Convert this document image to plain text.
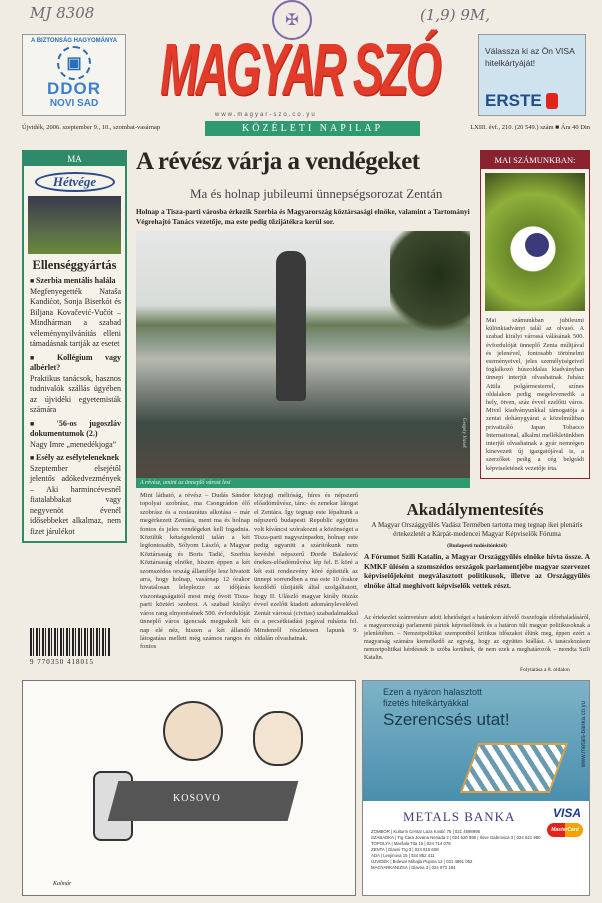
MJ 8308	(1,9) 9M,
✠
A BIZTONSÁG HAGYOMÁNYA
▣
DDOR
NOVI SAD	MAGYAR SZÓ	Válassza ki az Ön VISA hitelkártyáját!
ERSTE
www.magyar-szo.co.yu
Újvidék, 2006. szeptember 9., 10., szombat-vasárnap	KÖZÉLETI NAPILAP	LXIII. évf., 210. (20 549.) szám ■ Ára 40 Din
MA
Hétvége
Ellenséggyártás
■ Szerbia mentális halála
Megfenyegették Nataša Kandićot, Sonja Biserkót és Biljana Kovačević-Vučót – Mindhárman a szabad véleménynyilvánítás elleni támadásnak tartják az esetet
■ Kollégium vagy albérlet?
Praktikus tanácsok, hasznos tudnivalók szállás ügyében az újvidéki egyetemisták számára
■ '56-os jugoszláv dokumentumok (2.)
Nagy Imre „menedékjoga”
■ Esély az esélyteleneknek
Szeptember elsejétől jelentős adókedvezmények – Aki harmincévesnél fiatalabbakat vagy negyvenöt évenél idősebbeket alkalmaz, nem fizet járulékot
9 770350 418015
A révész várja a vendégeket
Ma és holnap jubileumi ünnepségsorozat Zentán
Holnap a Tisza-parti városba érkezik Szerbia és Magyarország köztársasági elnöke, valamint a Tartományi Végrehajtó Tanács vezetője, ma este pedig tűzijátékra kerül sor.
Gergely József
A révész, amint az ünneplő várost lesi
Mint látható, a révész – Dudás Sándor topolyai szobrász, ma Csongrádon élő szobrász és a restaurátus alkotása – már megérkezett Zentára, ment ma és holnap fontos és jeles vendégeket kell fogadnia. Közülük kétségtelenül talán a két legfontosabb, Sólyom László, a Magyar Köztársaság és Boris Tadić, Szerbia Köztársaság elnöke, hiszen éppen a két szomszédos ország államfője lesz hivatott arra, hogy holnap, vasárnap 12 órakor hivatalosan leleplezze az időjárás viszontagságaitól most még óvott Tisza-parti köztéri szobrot. A szabad királyi város rang elnyerésének 500. évfordulóját ünneplő város igencsak megpakolt két nap elé néz, hiszen a két állandó látogatása mellett még számos rangos és fontos
közjogi méltóság, híres és népszerű előadóművész, tánc- és zenekar látogat el Zentára. Így tegnap este lépaltunk a népszerű budapesti Republic együttes volt kíváncsi szórakozni a közönséget a Tisza-parti nagyszínpadon, holnap este pedig ugyanitt a szárítókunk nem kevésbé népszerű Đorđe Balašević énekes-előadóművész lép fel. E köré a két esti rendezvény köré építették az ünnepi sorrendben a ma este 10 órakor kezdődő tűzijáték által szolgáltatott, hogy II. Ulászló magyar király ötszáz évvel ezelőtt kiadott adománylevelével Zentát várossá (civitas) szabadalmakkal és a pecsétkiadási jogával ruházta fel. Mindenről részletesen lapunk 9. oldalán olvashatnak.
MAI SZÁMUNKBAN:
Mai számunkban jubileumi különkiadványt talál az olvasó. A szabad királyi várossá válásának 500. évfordulóját ünneplő Zenta múltjával és jelenével, fontosabb történelmi eseményeivel, jeles személyiségeivel foglalkozó húszoldalas kiadványban ünnepi interjút olvashatnak Juhász Attila polgármesterrel, színes oldalakon pedig megelevenedik a hely, ötven, száz évvel ezelőtti város. Mivel kiadványunkkal támogatója a zentai dohánygyárat a közelmúltban privatizáló Japan Tobacco International, alkalmi mellékletünkben interjút olvashatnak a gyár nemrégen kinevezett új igazgatójával is, a szerzőket pedig a cég belgrádi képviseletének vezetője írta.
Akadálymentesítés
A Magyar Országgyűlés Vadász Termében tartotta meg tegnap ikei plenáris értekezletét a Kárpát-medencei Magyar Képviselők Fóruma
(Budapesti tudósítónktól)
A Fórumot Szili Katalin, a Magyar Országgyűlés elnöke hívta össze. A KMKF ülésén a szomszédos országok parlamentjébe magyar szervezet képviselőjeként megválasztott politikusok, illetve az Országgyűlés elnöke által meghívott képviselők vettek részt.
Az értekezlet számvetésre adott lehetőséget a határokon átívelő összefogás előrehaladásáról, a magyarországi parlamenti pártok képviselőinek és a határon túli magyar politikusoknak a jelenlétében. – Nemzetpolitikai szempontból kritikus időszakot élünk meg, éppen ezért a magyarság számára kiemelkedő az egység, hogy az együttes kiállást. A tanácskozáson nemzetpolitikai kérdésnek is szóba kerülnek, de nem ezek a meghatározók – mondta Szili Katalin.
Folytatása a 8. oldalon
KOSOVO
Kalmár
Ezen a nyáron halasztott
fizetés hitelkártyákkal
Szerencsés utat!	www.metals-banka.co.yu
METALS BANKA	VISA
MasterCard
ZOMBOR | Kulturni Centar Laza Kostić 75 | 021 4698995
SZABADKA | Trg Cara Jovana Nenada 2 | 024 520 890 | Ilove Gabrovica 3 | 024 621 980
TOPOLYA | Maršala Tita 15 | 024 714 079
ZENTA | Glavni Trg 3 | 024 815 608
ADA | Lenjinova 15 | 024 852 411
ÚJVIDÉK | Bulevar Mihajla Pupina 12 | 021 4891 052
MAGYARKANIZSA | Glavna 3 | 024 873 184
